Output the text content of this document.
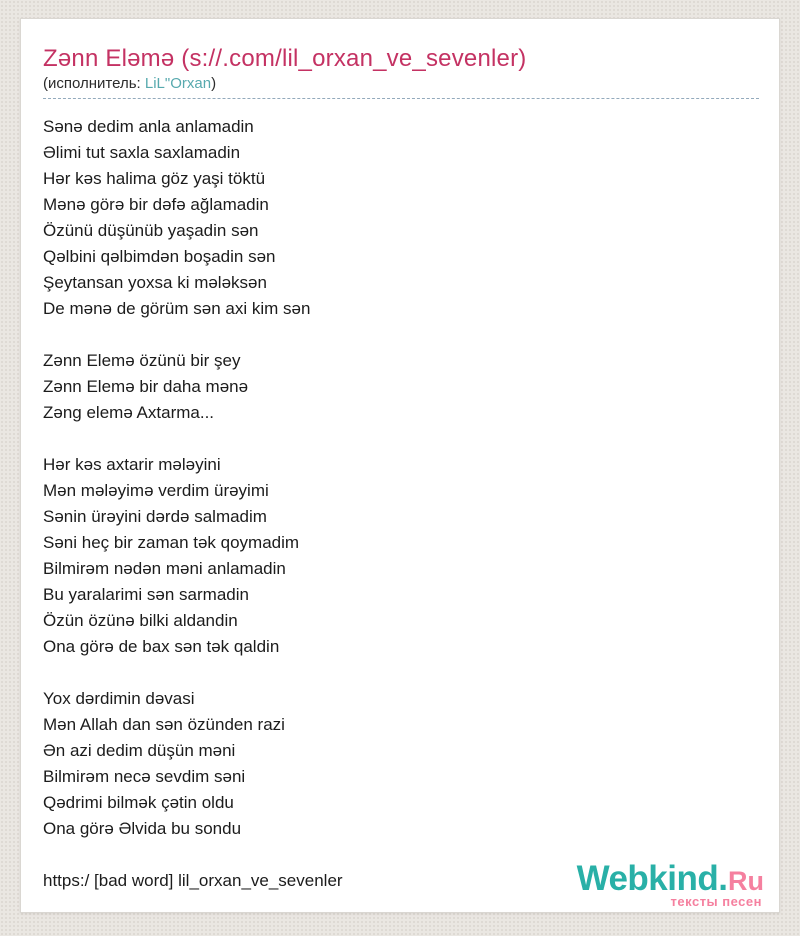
Zənn Eləmə (s://.com/lil_orxan_ve_sevenler)
(исполнитель: LiL"Orxan)
Sənə dedim anla anlamadin
Əlimi tut saxla saxlamadin
Hər kəs halima göz yaşi töktü
Mənə görə bir dəfə ağlamadin
Özünü düşünüb yaşadin sən
Qəlbini qəlbimdən boşadin sən
Şeytansan yoxsa ki mələksən
De mənə de görüm sən axi kim sən
Zənn Elemə özünü bir şey
Zənn Elemə bir daha mənə
Zəng elemə Axtarma...
Hər kəs axtarir mələyini
Mən mələyimə verdim ürəyimi
Sənin ürəyini dərdə salmadim
Səni heç bir zaman tək qoymadim
Bilmirəm nədən məni anlamadin
Bu yaralarimi sən sarmadin
Özün özünə bilki aldandin
Ona görə de bax sən tək qaldin
Yox dərdimin dəvasi
Mən Allah dan sən özünden razi
Ən azi dedim düşün məni
Bilmirəm necə sevdim səni
Qədrimi bilmək çətin oldu
Ona görə Əlvida bu sondu
https:/ [bad word] lil_orxan_ve_sevenler	Webkind.Ru
тексты песен
